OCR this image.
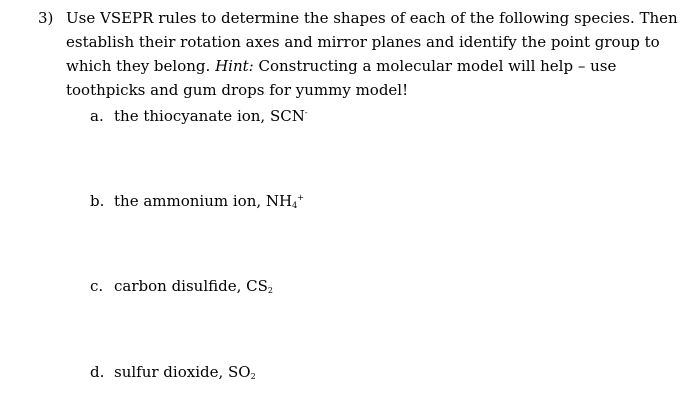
3) Use VSEPR rules to determine the shapes of each of the following species. Then
establish their rotation axes and mirror planes and identify the point group to
which they belong. Hint: Constructing a molecular model will help – use
toothpicks and gum drops for yummy model!
a. the thiocyanate ion, SCN-
b. the ammonium ion, $NH_4^+$
c. carbon disulfide, $CS_2$
d. sulfur dioxide, $SO_2$
